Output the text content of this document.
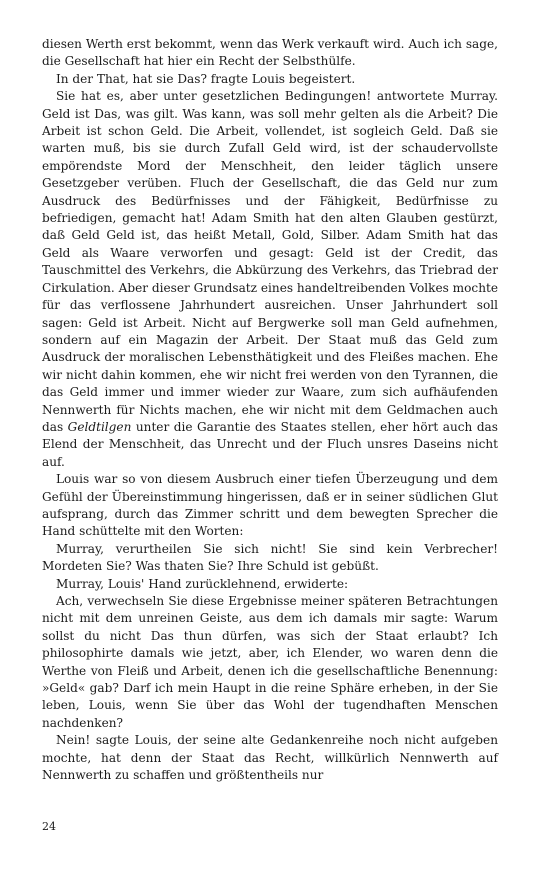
diesen Werth erst bekommt, wenn das Werk verkauft wird. Auch ich sage, die Gesellschaft hat hier ein Recht der Selbsthülfe.

In der That, hat sie Das? fragte Louis begeistert.

Sie hat es, aber unter gesetzlichen Bedingungen! antwortete Murray. Geld ist Das, was gilt. Was kann, was soll mehr gelten als die Arbeit? Die Arbeit ist schon Geld. Die Arbeit, vollendet, ist sogleich Geld. Daß sie warten muß, bis sie durch Zufall Geld wird, ist der schaudervollste empörendste Mord der Menschheit, den leider täglich unsere Gesetzgeber verüben. Fluch der Gesellschaft, die das Geld nur zum Ausdruck des Bedürfnisses und der Fähigkeit, Bedürfnisse zu befriedigen, gemacht hat! Adam Smith hat den alten Glauben gestürzt, daß Geld Geld ist, das heißt Metall, Gold, Silber. Adam Smith hat das Geld als Waare verworfen und gesagt: Geld ist der Credit, das Tauschmittel des Verkehrs, die Abkürzung des Verkehrs, das Triebrad der Cirkulation. Aber dieser Grundsatz eines handeltreibenden Volkes mochte für das verflossene Jahrhundert ausreichen. Unser Jahrhundert soll sagen: Geld ist Arbeit. Nicht auf Bergwerke soll man Geld aufnehmen, sondern auf ein Magazin der Arbeit. Der Staat muß das Geld zum Ausdruck der moralischen Lebensthätigkeit und des Fleißes machen. Ehe wir nicht dahin kommen, ehe wir nicht frei werden von den Tyrannen, die das Geld immer und immer wieder zur Waare, zum sich aufhäufenden Nennwerth für Nichts machen, ehe wir nicht mit dem Geldmachen auch das Geldtilgen unter die Garantie des Staates stellen, eher hört auch das Elend der Menschheit, das Unrecht und der Fluch unsres Daseins nicht auf.

Louis war so von diesem Ausbruch einer tiefen Überzeugung und dem Gefühl der Übereinstimmung hingerissen, daß er in seiner südlichen Glut aufsprang, durch das Zimmer schritt und dem bewegten Sprecher die Hand schüttelte mit den Worten:

Murray, verurtheilen Sie sich nicht! Sie sind kein Verbrecher! Mordeten Sie? Was thaten Sie? Ihre Schuld ist gebüßt.

Murray, Louis' Hand zurücklehnend, erwiderte:

Ach, verwechseln Sie diese Ergebnisse meiner späteren Betrachtungen nicht mit dem unreinen Geiste, aus dem ich damals mir sagte: Warum sollst du nicht Das thun dürfen, was sich der Staat erlaubt? Ich philosophirte damals wie jetzt, aber, ich Elender, wo waren denn die Werthe von Fleiß und Arbeit, denen ich die gesellschaftliche Benennung: »Geld« gab? Darf ich mein Haupt in die reine Sphäre erheben, in der Sie leben, Louis, wenn Sie über das Wohl der tugendhaften Menschen nachdenken?

Nein! sagte Louis, der seine alte Gedankenreihe noch nicht aufgeben mochte, hat denn der Staat das Recht, willkürlich Nennwerth auf Nennwerth zu schaffen und größtentheils nur

24
